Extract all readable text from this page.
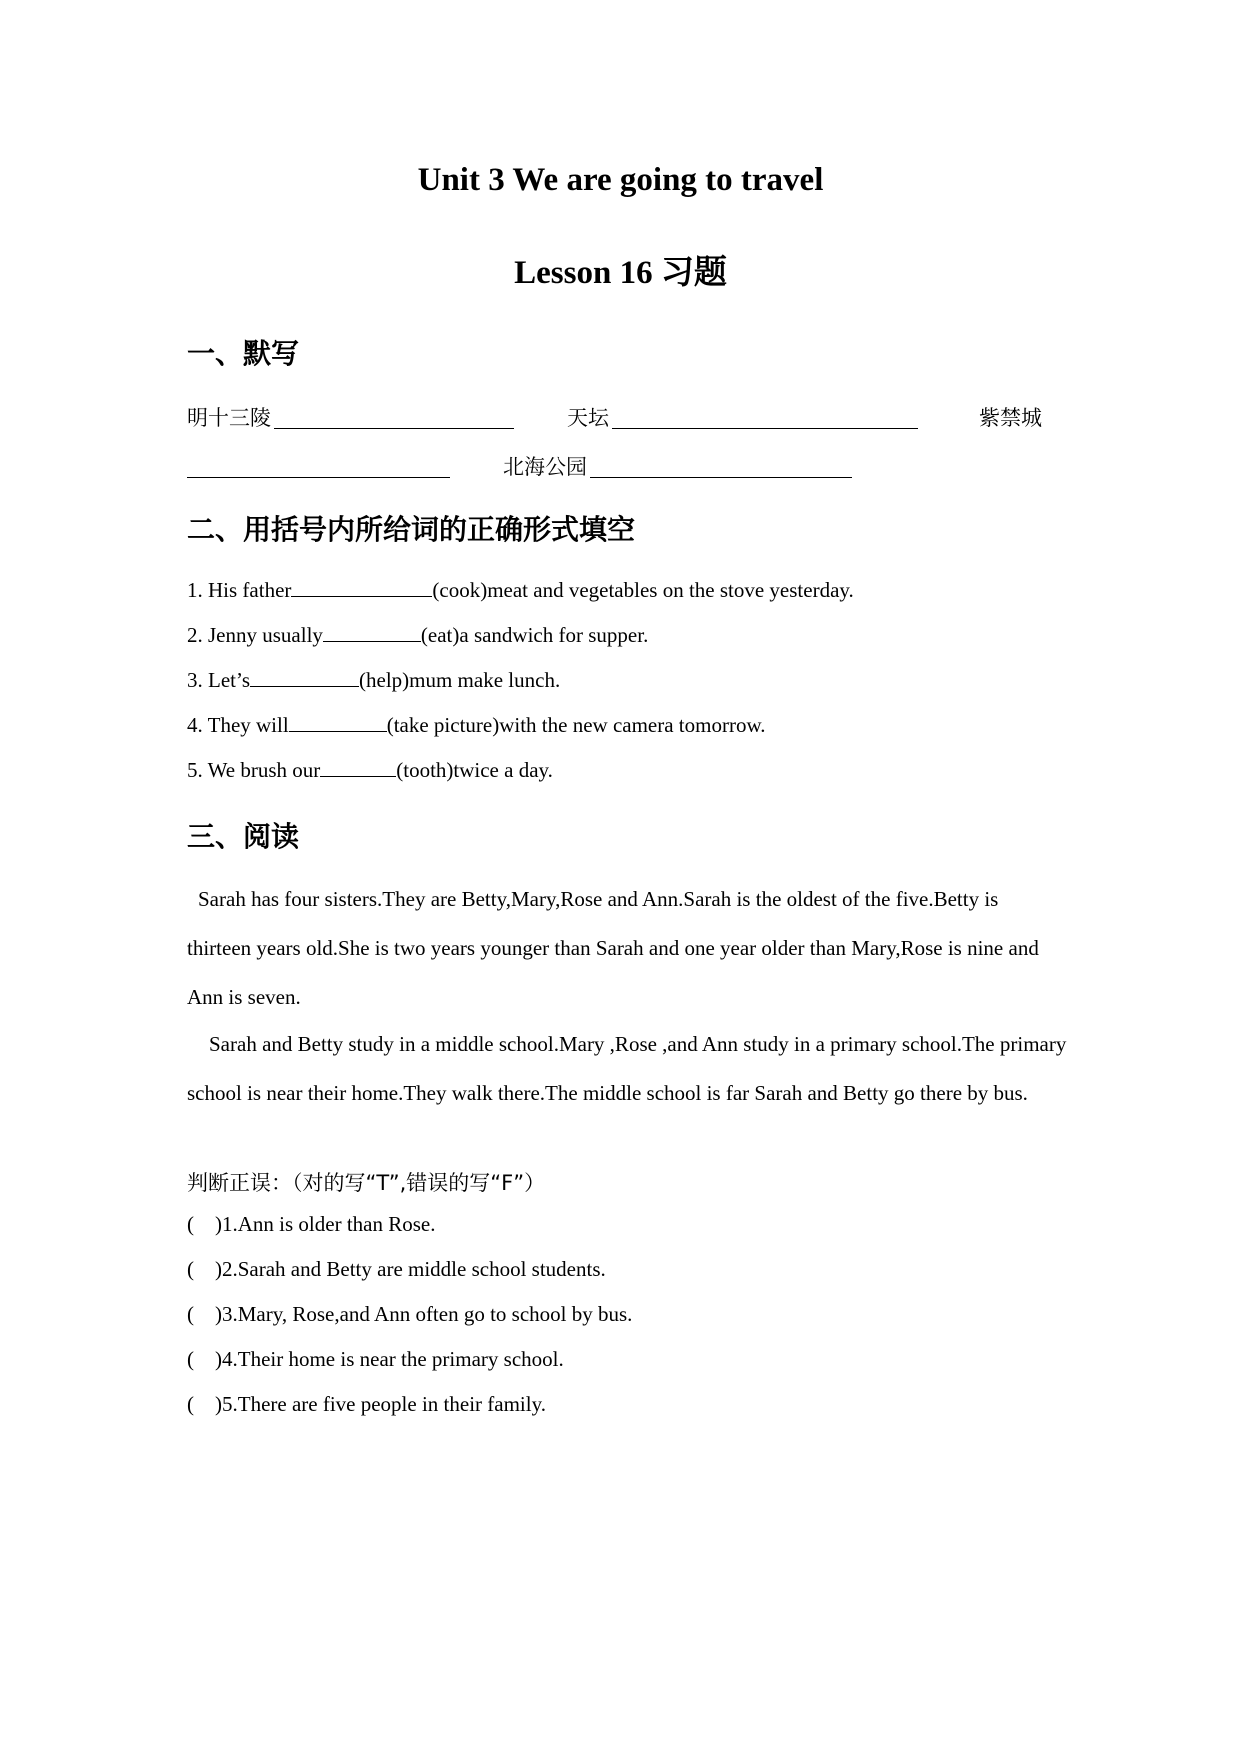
Unit 3 We are going to travel
Lesson 16 习题
一、默写
明十三陵	天坛	紫禁城
北海公园
二、用括号内所给词的正确形式填空
1. His father	(cook)meat and vegetables on the stove yesterday.
2. Jenny usually	(eat)a sandwich for supper.
3. Let’s	(help)mum make lunch.
4. They will	(take picture)with the new camera tomorrow.
5. We brush our	(tooth)twice a day.
三、阅读
Sarah has four sisters.They are Betty,Mary,Rose and Ann.Sarah is the oldest of the five.Betty is thirteen years old.She is two years younger than Sarah and one year older than Mary,Rose is nine and Ann is seven.
Sarah and Betty study in a middle school.Mary ,Rose ,and Ann study in a primary school.The primary school is near their home.They walk there.The middle school is far Sarah and Betty go there by bus.
判断正误：（对的写“T”,错误的写“F”）
( )1.Ann is older than Rose.
( )2.Sarah and Betty are middle school students.
( )3.Mary, Rose,and Ann often go to school by bus.
( )4.Their home is near the primary school.
( )5.There are five people in their family.
